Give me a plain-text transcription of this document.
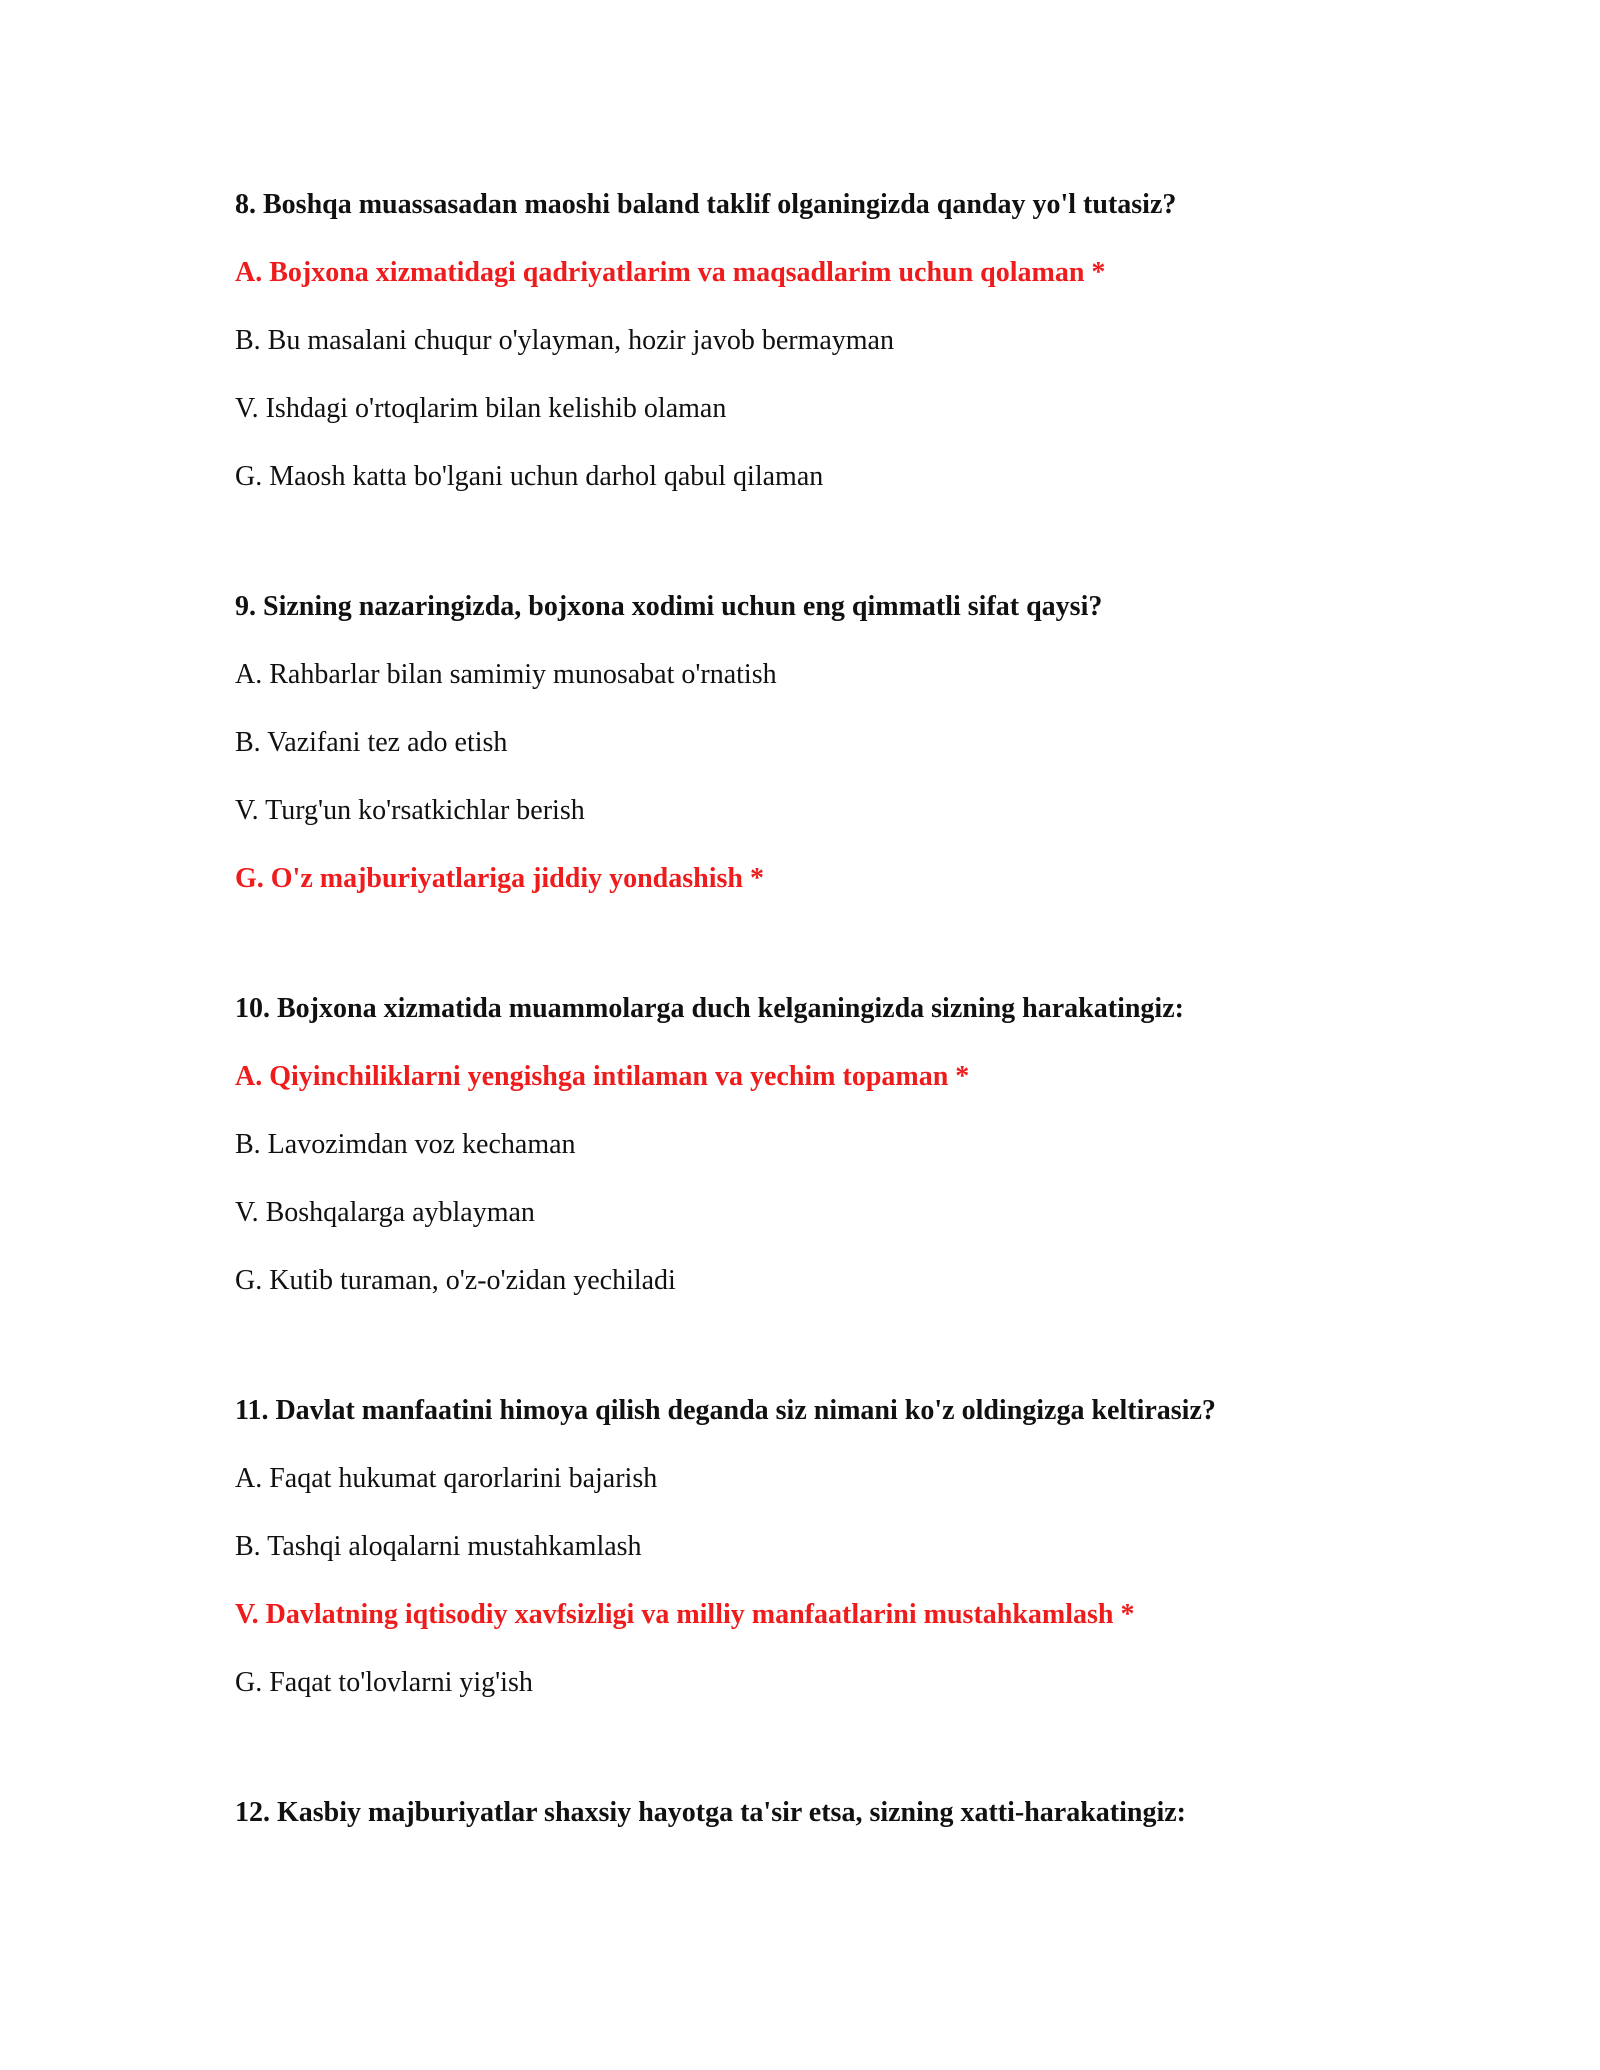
8. Boshqa muassasadan maoshi baland taklif olganingizda qanday yo'l tutasiz?

A. Bojxona xizmatidagi qadriyatlarim va maqsadlarim uchun qolaman *

B. Bu masalani chuqur o'ylayman, hozir javob bermayman

V. Ishdagi o'rtoqlarim bilan kelishib olaman

G. Maosh katta bo'lgani uchun darhol qabul qilaman

9. Sizning nazaringizda, bojxona xodimi uchun eng qimmatli sifat qaysi?

A. Rahbarlar bilan samimiy munosabat o'rnatish

B. Vazifani tez ado etish

V. Turg'un ko'rsatkichlar berish

G. O'z majburiyatlariga jiddiy yondashish *

10. Bojxona xizmatida muammolarga duch kelganingizda sizning harakatingiz:

A. Qiyinchiliklarni yengishga intilaman va yechim topaman *

B. Lavozimdan voz kechaman

V. Boshqalarga ayblayman

G. Kutib turaman, o'z-o'zidan yechiladi

11. Davlat manfaatini himoya qilish deganda siz nimani ko'z oldingizga keltirasiz?

A. Faqat hukumat qarorlarini bajarish

B. Tashqi aloqalarni mustahkamlash

V. Davlatning iqtisodiy xavfsizligi va milliy manfaatlarini mustahkamlash *

G. Faqat to'lovlarni yig'ish

12. Kasbiy majburiyatlar shaxsiy hayotga ta'sir etsa, sizning xatti-harakatingiz:
